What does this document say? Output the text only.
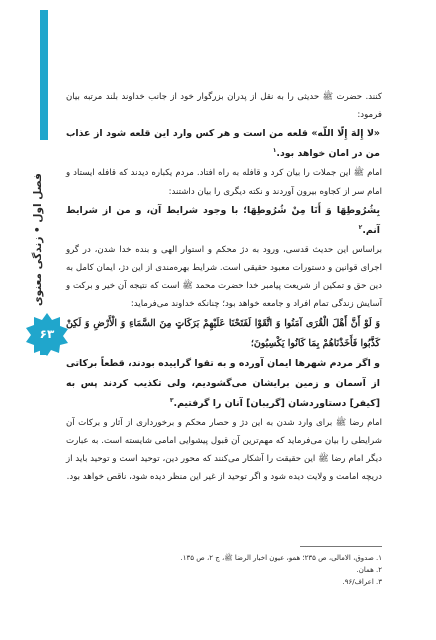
فصل اول • زندگی معنوی
۶۳

کنند. حضرت ﷺ حدیثی را به نقل از پدران بزرگوار خود از جانب خداوند بلند مرتبه بیان فرمود:

«لا إِلهَ إِلّا اللّه» قلعه من است و هر کس وارد این قلعه شود از عذاب من در امان خواهد بود.$^۱$

امام ﷺ این جملات را بیان کرد و قافله به راه افتاد. مردم یکباره دیدند که قافله ایستاد و امام سر از کجاوه بیرون آوردند و نکته دیگری را بیان داشتند:

بِشُرُوطِهَا وَ أَنَا مِنْ شُرُوطِهَا؛ با وجود شرایط آن، و من از شرایط آنم.$^۲$

براساس این حدیث قدسی، ورود به دژ محکم و استوار الهی و بنده خدا شدن، در گرو اجرای قوانین و دستورات معبود حقیقی است. شرایط بهره‌مندی از این دژ، ایمان کامل به دین حق و تمکین از شریعت پیامبر خدا حضرت محمد ﷺ است که نتیجه آن خیر و برکت و آسایش زندگی تمام افراد و جامعه خواهد بود؛ چنانکه خداوند می‌فرماید:

وَ لَوْ أَنَّ أَهْلَ الْقُرَى آمَنُوا وَ اتَّقَوْا لَفَتَحْنَا عَلَيْهِمْ بَرَكَاتٍ مِنَ السَّمَاءِ وَ الْأَرْضِ وَ لَكِنْ كَذَّبُوا فَأَخَذْنَاهُمْ بِمَا كَانُوا يَكْسِبُونَ؛

و اگر مردم شهرها ایمان آورده و به تقوا گراییده بودند، قطعاً برکاتی از آسمان و زمین برایشان می‌گشودیم، ولی تکذیب کردند پس به [کیفر] دستاوردشان [گریبان] آنان را گرفتیم.$^۳$

امام رضا ﷺ برای وارد شدن به این دژ و حصار محکم و برخورداری از آثار و برکات آن شرایطی را بیان می‌فرماید که مهم‌ترین آن قبول پیشوایی امامی شایسته است. به عبارت دیگر امام رضا ﷺ این حقیقت را آشکار می‌کنند که محور دین، توحید است و توحید باید از دریچه امامت و ولایت دیده شود و اگر توحید از غیر این منظر دیده شود، ناقص خواهد بود.

۱. صدوق، الامالی، ص ۲۳۵؛ همو، عیون اخبار الرضا ﷺ، ج ۲، ص ۱۳۵.
۲. همان.
۳. اعراف/۹۶.
